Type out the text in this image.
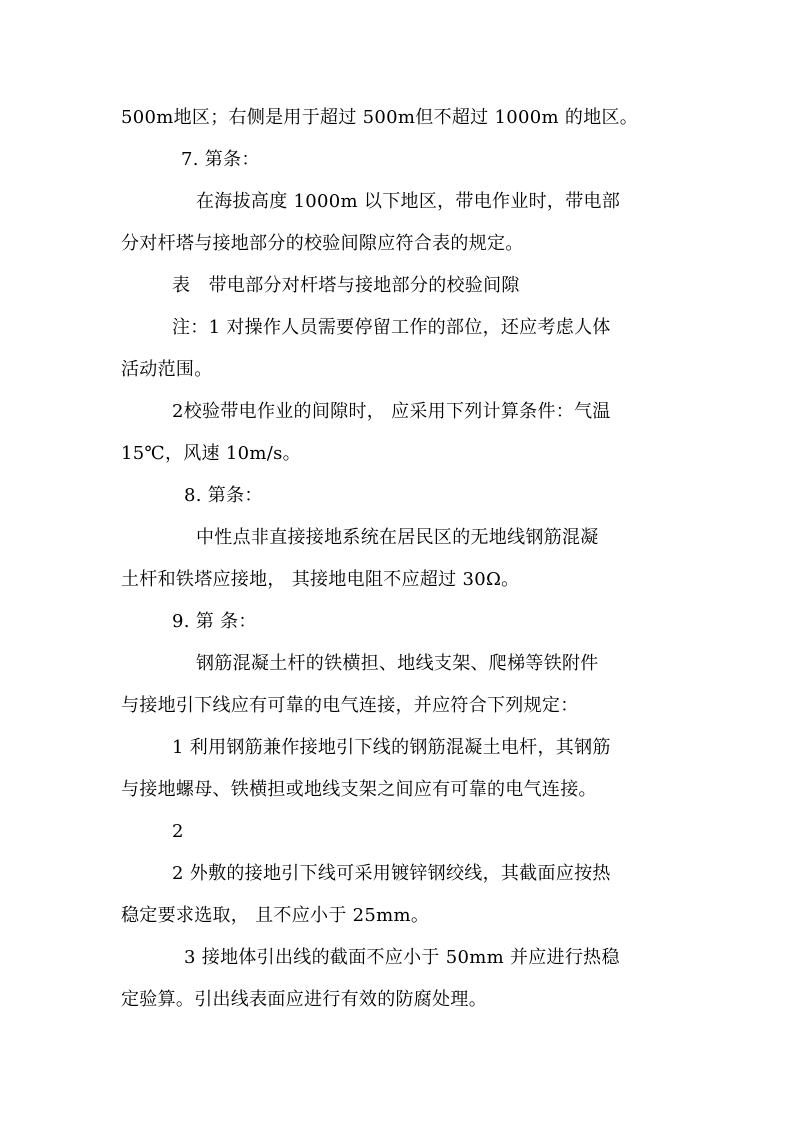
500m地区；右侧是用于超过 500m但不超过 1000m 的地区。
7. 第条：
在海拔高度 1000m 以下地区，带电作业时，带电部
分对杆塔与接地部分的校验间隙应符合表的规定。
表　带电部分对杆塔与接地部分的校验间隙
注：1 对操作人员需要停留工作的部位，还应考虑人体
活动范围。
2校验带电作业的间隙时， 应采用下列计算条件：气温
15℃，风速 10m/s。
8. 第条：
中性点非直接接地系统在居民区的无地线钢筋混凝
土杆和铁塔应接地， 其接地电阻不应超过 30Ω。
9. 第 条：
钢筋混凝土杆的铁横担、地线支架、爬梯等铁附件
与接地引下线应有可靠的电气连接，并应符合下列规定：
1 利用钢筋兼作接地引下线的钢筋混凝土电杆，其钢筋
与接地螺母、铁横担或地线支架之间应有可靠的电气连接。
2
2 外敷的接地引下线可采用镀锌钢绞线，其截面应按热
稳定要求选取， 且不应小于 25mm。
3 接地体引出线的截面不应小于 50mm 并应进行热稳
定验算。引出线表面应进行有效的防腐处理。
